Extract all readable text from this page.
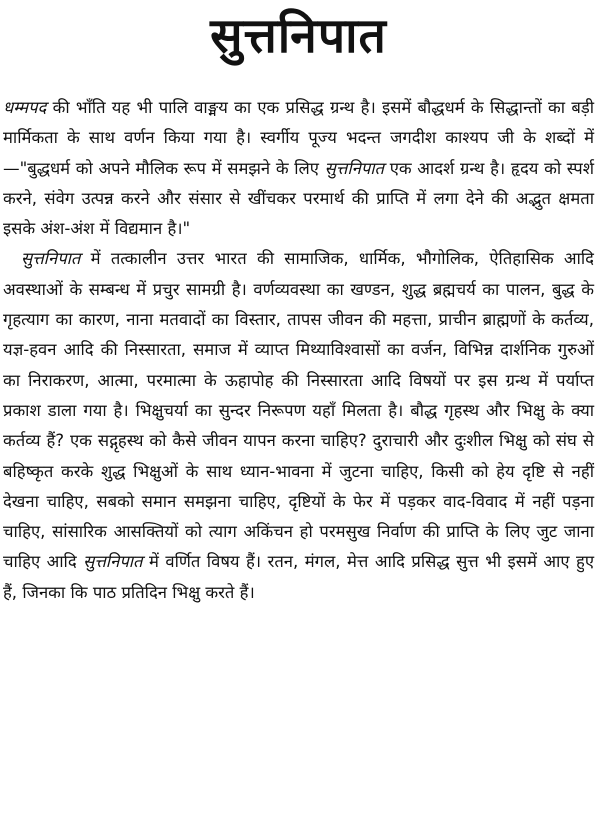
सुत्तनिपात

धम्मपद की भाँति यह भी पालि वाङ्मय का एक प्रसिद्ध ग्रन्थ है। इसमें बौद्धधर्म के सिद्धान्तों का बड़ी मार्मिकता के साथ वर्णन किया गया है। स्वर्गीय पूज्य भदन्त जगदीश काश्यप जी के शब्दों में—"बुद्धधर्म को अपने मौलिक रूप में समझने के लिए सुत्तनिपात एक आदर्श ग्रन्थ है। हृदय को स्पर्श करने, संवेग उत्पन्न करने और संसार से खींचकर परमार्थ की प्राप्ति में लगा देने की अद्भुत क्षमता इसके अंश-अंश में विद्यमान है।"

सुत्तनिपात में तत्कालीन उत्तर भारत की सामाजिक, धार्मिक, भौगोलिक, ऐतिहासिक आदि अवस्थाओं के सम्बन्ध में प्रचुर सामग्री है। वर्णव्यवस्था का खण्डन, शुद्ध ब्रह्मचर्य का पालन, बुद्ध के गृहत्याग का कारण, नाना मतवादों का विस्तार, तापस जीवन की महत्ता, प्राचीन ब्राह्मणों के कर्तव्य, यज्ञ-हवन आदि की निस्सारता, समाज में व्याप्त मिथ्याविश्वासों का वर्जन, विभिन्न दार्शनिक गुरुओं का निराकरण, आत्मा, परमात्मा के ऊहापोह की निस्सारता आदि विषयों पर इस ग्रन्थ में पर्याप्त प्रकाश डाला गया है। भिक्षुचर्या का सुन्दर निरूपण यहाँ मिलता है। बौद्ध गृहस्थ और भिक्षु के क्या कर्तव्य हैं? एक सद्गृहस्थ को कैसे जीवन यापन करना चाहिए? दुराचारी और दुःशील भिक्षु को संघ से बहिष्कृत करके शुद्ध भिक्षुओं के साथ ध्यान-भावना में जुटना चाहिए, किसी को हेय दृष्टि से नहीं देखना चाहिए, सबको समान समझना चाहिए, दृष्टियों के फेर में पड़कर वाद-विवाद में नहीं पड़ना चाहिए, सांसारिक आसक्तियों को त्याग अकिंचन हो परमसुख निर्वाण की प्राप्ति के लिए जुट जाना चाहिए आदि सुत्तनिपात में वर्णित विषय हैं। रतन, मंगल, मेत्त आदि प्रसिद्ध सुत्त भी इसमें आए हुए हैं, जिनका कि पाठ प्रतिदिन भिक्षु करते हैं।
